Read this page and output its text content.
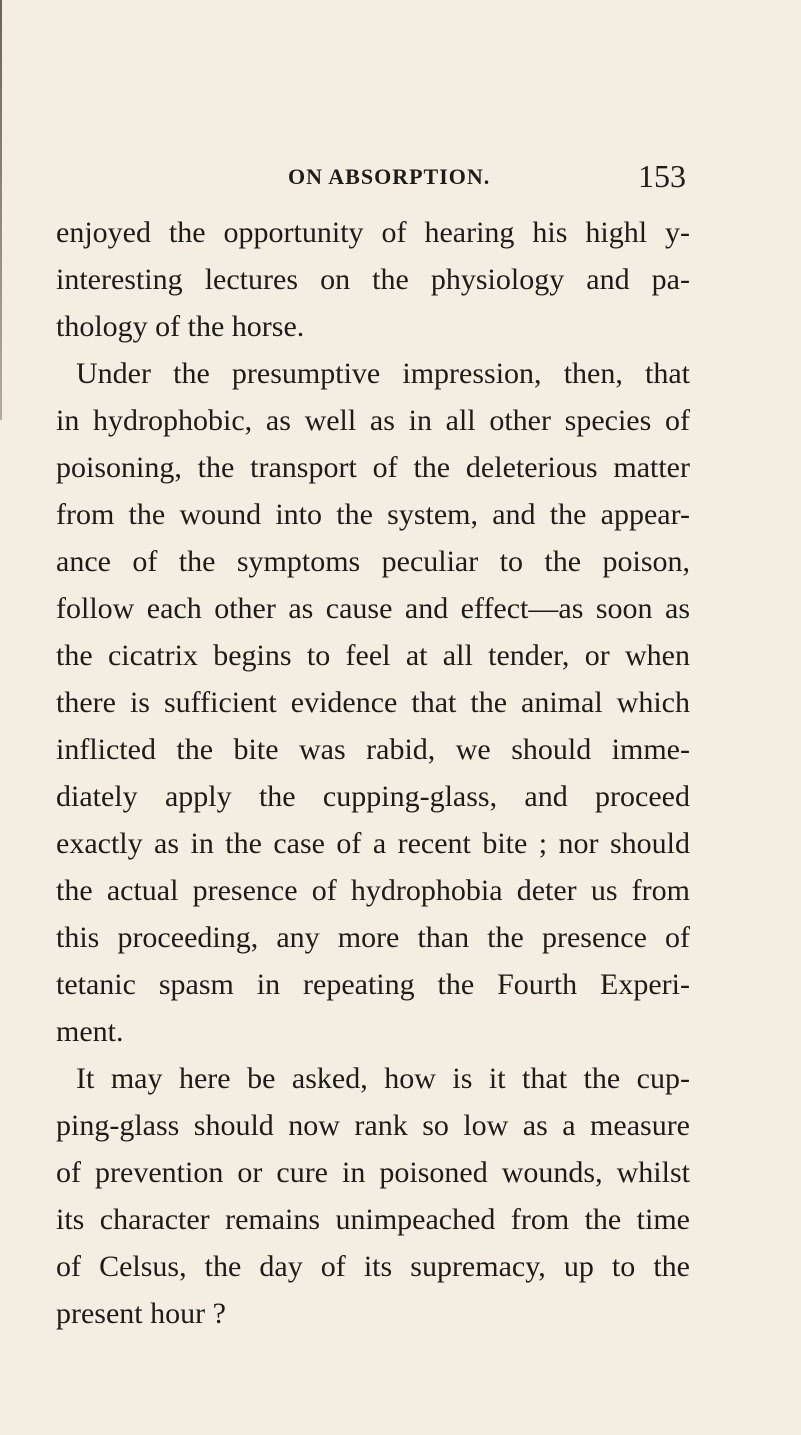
ON ABSORPTION.	153
enjoyed the opportunity of hearing his highl y-
interesting lectures on the physiology and pa-
thology of the horse.
Under the presumptive impression, then, that
in hydrophobic, as well as in all other species of
poisoning, the transport of the deleterious matter
from the wound into the system, and the appear-
ance of the symptoms peculiar to the poison,
follow each other as cause and effect—as soon as
the cicatrix begins to feel at all tender, or when
there is sufficient evidence that the animal which
inflicted the bite was rabid, we should imme-
diately apply the cupping-glass, and proceed
exactly as in the case of a recent bite ; nor should
the actual presence of hydrophobia deter us from
this proceeding, any more than the presence of
tetanic spasm in repeating the Fourth Experi-
ment.
It may here be asked, how is it that the cup-
ping-glass should now rank so low as a measure
of prevention or cure in poisoned wounds, whilst
its character remains unimpeached from the time
of Celsus, the day of its supremacy, up to the
present hour ?
